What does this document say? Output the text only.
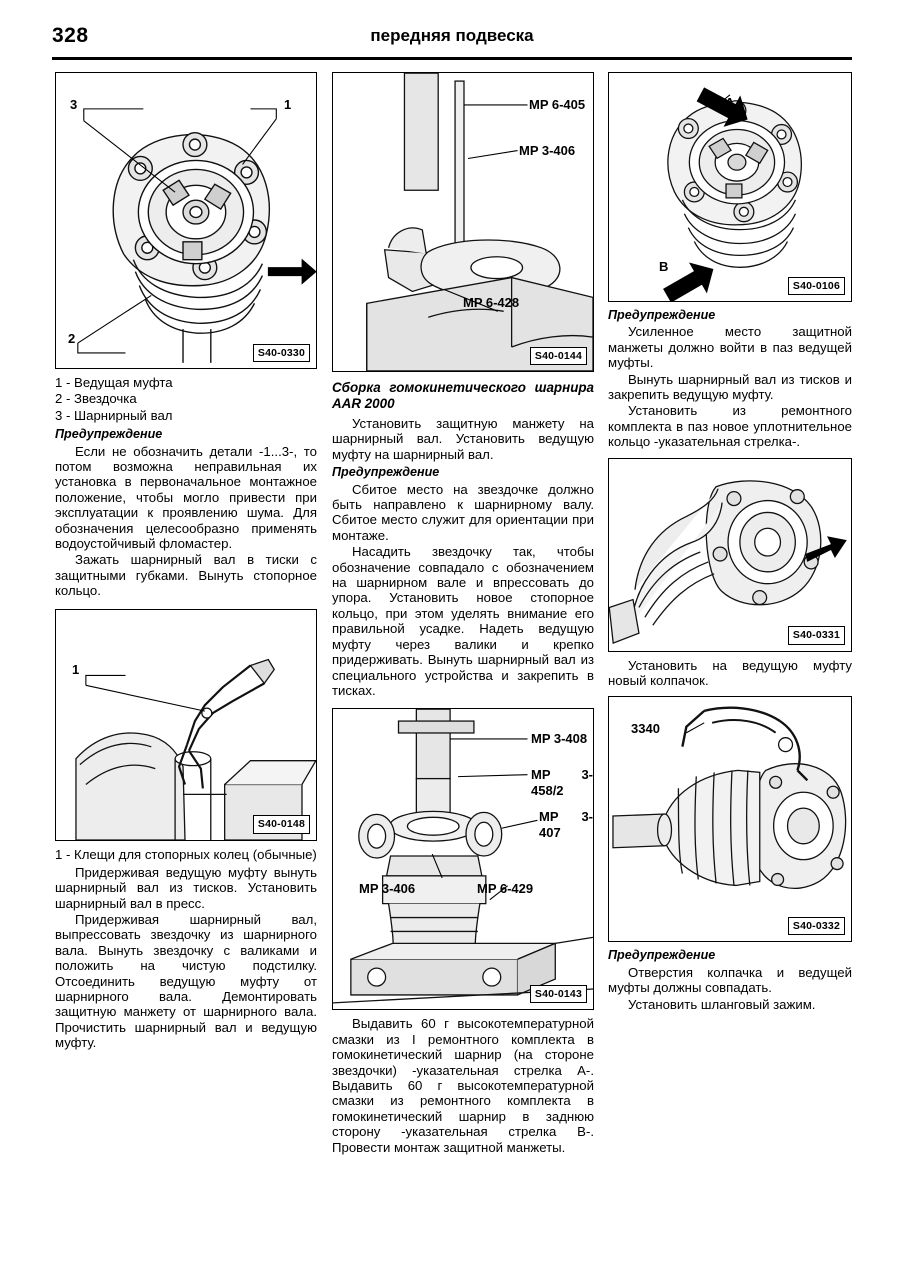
328	передняя подвеска
3	1
2
S40-0330
1 - Ведущая муфта
2 - Звездочка
3 - Шарнирный вал
Предупреждение

Если не обозначить детали -1...3-, то потом возможна неправильная их установка в первоначальное монтажное положение, чтобы могло привести при эксплуатации к проявлению шума. Для обозначения целесообразно применять водоустойчивый фломастер.

Зажать шарнирный вал в тиски с защитными губками. Вынуть стопорное кольцо.

1
S40-0148

1 - Клещи для стопорных колец (обычные)

Придерживая ведущую муфту вынуть шарнирный вал из тисков. Установить шарнирный вал в пресс.

Придерживая шарнирный вал, выпрессовать звездочку из шарнирного вала. Вынуть звездочку с валиками и положить на чистую подстилку. Отсоединить ведущую муфту от шарнирного вала. Демонтировать защитную манжету от шарнирного вала. Прочистить шарнирный вал и ведущую муфту.

MP 6-405
MP 3-406
MP 6-428
S40-0144
Сборка гомокинетического шарнира AAR 2000

Установить защитную манжету на шарнирный вал. Установить ведущую муфту на шарнирный вал.

Предупреждение

Сбитое место на звездочке должно быть направлено к шарнирному валу. Сбитое место служит для ориентации при монтаже.

Насадить звездочку так, чтобы обозначение совпадало с обозначением на шарнирном вале и впрессовать до упора. Установить новое стопорное кольцо, при этом уделять внимание его правильной усадке. Надеть ведущую муфту через валики и крепко придерживать. Вынуть шарнирный вал из специального устройства и закрепить в тисках.

MP 3-408
MP 3-458/2
MP 3-407
MP 3-406	MP 6-429
S40-0143

Выдавить 60 г высокотемпературной смазки из I ремонтного комплекта в гомокинетический шарнир (на стороне звездочки) -указательная стрелка А-. Выдавить 60 г высокотемпературной смазки из ремонтного комплекта в гомокинетический шарнир в заднюю сторону -указательная стрелка В-. Провести монтаж защитной манжеты.

A
B
S40-0106
Предупреждение

Усиленное место защитной манжеты должно войти в паз ведущей муфты.

Вынуть шарнирный вал из тисков и закрепить ведущую муфту.

Установить из ремонтного комплекта в паз новое уплотнительное кольцо -указательная стрелка-.

S40-0331

Установить на ведущую муфту новый колпачок.

3340
S40-0332
Предупреждение

Отверстия колпачка и ведущей муфты должны совпадать.

Установить шланговый зажим.
